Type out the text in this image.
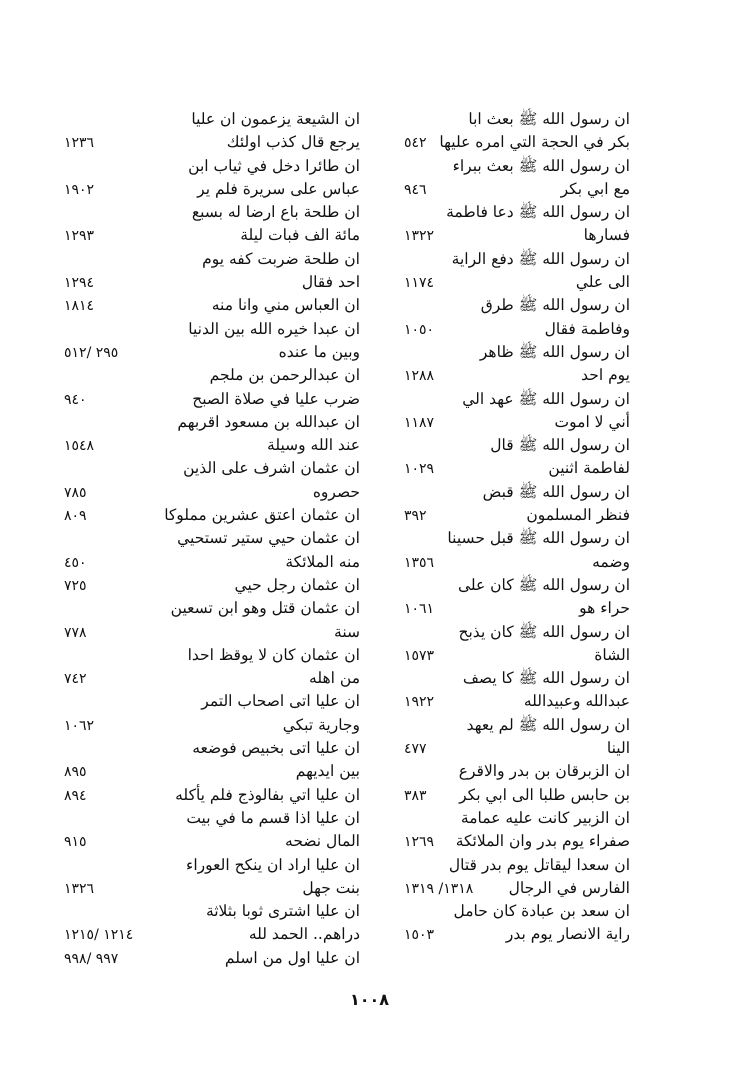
ان رسول الله ﷺ بعث ابا
بكر في الحجة التي امره عليها
٥٤٢
ان رسول الله ﷺ بعث ببراء
مع ابي بكر
٩٤٦
ان رسول الله ﷺ دعا فاطمة
فسارها
١٣٢٢
ان رسول الله ﷺ دفع الراية
الى علي
١١٧٤
ان رسول الله ﷺ طرق
وفاطمة فقال
١٠٥٠
ان رسول الله ﷺ ظاهر
يوم احد
١٢٨٨
ان رسول الله ﷺ عهد الي
أني لا اموت
١١٨٧
ان رسول الله ﷺ قال
لفاطمة اثنين
١٠٢٩
ان رسول الله ﷺ قبض
فنظر المسلمون
٣٩٢
ان رسول الله ﷺ قبل حسينا
وضمه
١٣٥٦
ان رسول الله ﷺ كان على
حراء هو
١٠٦١
ان رسول الله ﷺ كان يذبح
الشاة
١٥٧٣
ان رسول الله ﷺ كا يصف
عبدالله وعبيدالله
١٩٢٢
ان رسول الله ﷺ لم يعهد
الينا
٤٧٧
ان الزبرقان بن بدر والاقرع
بن حابس طلبا الى ابي بكر
٣٨٣
ان الزبير كانت عليه عمامة
صفراء يوم بدر وان الملائكة
١٢٦٩
ان سعدا ليقاتل يوم بدر قتال
الفارس في الرجال
١٣١٨/ ١٣١٩
ان سعد بن عبادة كان حامل
راية الانصار يوم بدر
١٥٠٣
ان الشيعة يزعمون ان عليا
يرجع قال كذب اولئك
١٢٣٦
ان طائرا دخل في ثياب ابن
عباس على سريرة فلم ير
١٩٠٢
ان طلحة باع ارضا له بسبع
مائة الف فبات ليلة
١٢٩٣
ان طلحة ضربت كفه يوم
احد فقال
١٢٩٤
ان العباس مني وانا منه
١٨١٤
ان عبدا خيره الله بين الدنيا
وبين ما عنده
٢٩٥ /٥١٢
ان عبدالرحمن بن ملجم
ضرب عليا في صلاة الصبح
٩٤٠
ان عبدالله بن مسعود اقربهم
عند الله وسيلة
١٥٤٨
ان عثمان اشرف على الذين
حصروه
٧٨٥
ان عثمان اعتق عشرين مملوكا
٨٠٩
ان عثمان حيي ستير تستحيي
منه الملائكة
٤٥٠
ان عثمان رجل حيي
٧٢٥
ان عثمان قتل وهو ابن تسعين
سنة
٧٧٨
ان عثمان كان لا يوقظ احدا
من اهله
٧٤٢
ان عليا اتى اصحاب التمر
وجارية تبكي
١٠٦٢
ان عليا اتى بخبيص فوضعه
بين ايديهم
٨٩٥
ان عليا اتي بفالوذج فلم يأكله
٨٩٤
ان عليا اذا قسم ما في بيت
المال نضحه
٩١٥
ان عليا اراد ان ينكح العوراء
بنت جهل
١٣٢٦
ان عليا اشترى ثوبا بثلاثة
دراهم.. الحمد لله
١٢١٤ /١٢١٥
ان عليا اول من اسلم
٩٩٧ /٩٩٨
١٠٠٨
